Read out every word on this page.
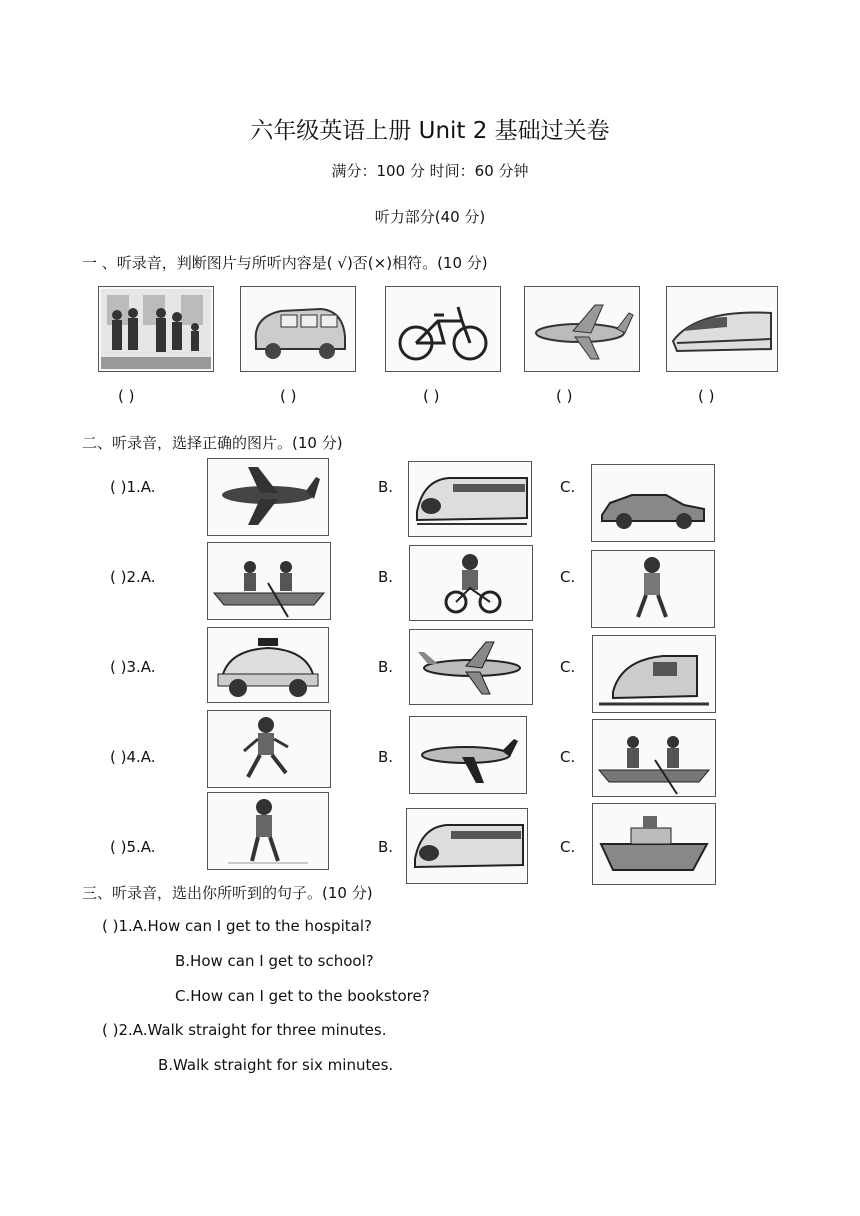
六年级英语上册 Unit 2 基础过关卷
满分：100 分 时间：60 分钟
听力部分(40 分)
一 、听录音，判断图片与所听内容是( √)否(×)相符。(10 分)
( )	( )	( )	( )	( )
二、听录音，选择正确的图片。(10 分)
( )1.A.	B.	C.
( )2.A.	B.	C.
( )3.A.	B.	C.
( )4.A.	B.	C.
( )5.A.	B.	C.
三、听录音，选出你所听到的句子。(10 分)
( )1.A.How can I get to the hospital?
B.How can I get to school?
C.How can I get to the bookstore?
( )2.A.Walk straight for three minutes.
B.Walk straight for six minutes.
